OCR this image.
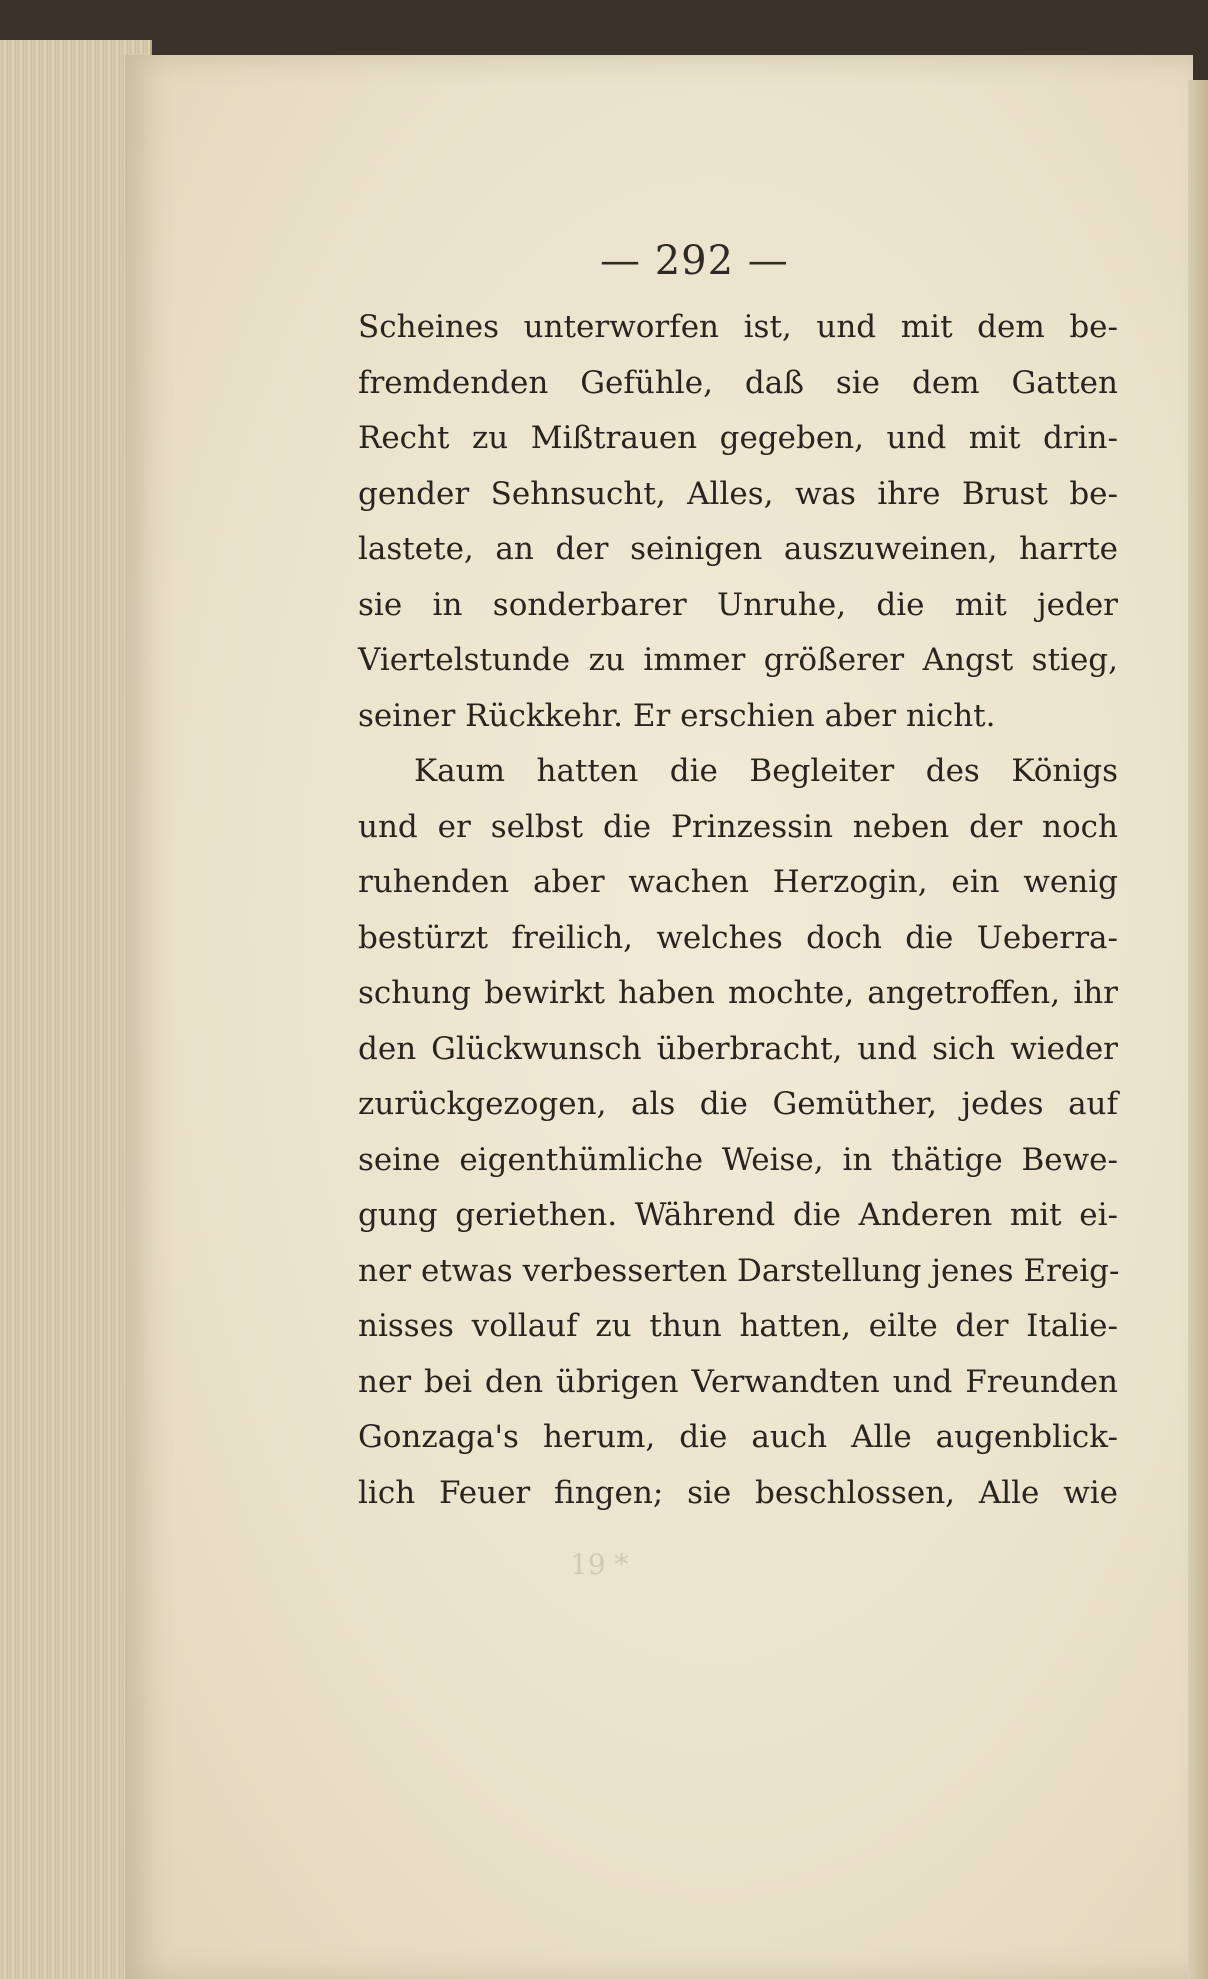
— 292 —
Scheines unterworfen ist, und mit dem be-
fremdenden Gefühle, daß sie dem Gatten
Recht zu Mißtrauen gegeben, und mit drin-
gender Sehnsucht, Alles, was ihre Brust be-
lastete, an der seinigen auszuweinen, harrte
sie in sonderbarer Unruhe, die mit jeder
Viertelstunde zu immer größerer Angst stieg,
seiner Rückkehr. Er erschien aber nicht.
Kaum hatten die Begleiter des Königs
und er selbst die Prinzessin neben der noch
ruhenden aber wachen Herzogin, ein wenig
bestürzt freilich, welches doch die Ueberra-
schung bewirkt haben mochte, angetroffen, ihr
den Glückwunsch überbracht, und sich wieder
zurückgezogen, als die Gemüther, jedes auf
seine eigenthümliche Weise, in thätige Bewe-
gung geriethen. Während die Anderen mit ei-
ner etwas verbesserten Darstellung jenes Ereig-
nisses vollauf zu thun hatten, eilte der Italie-
ner bei den übrigen Verwandten und Freunden
Gonzaga's herum, die auch Alle augenblick-
lich Feuer fingen; sie beschlossen, Alle wie
19 *
